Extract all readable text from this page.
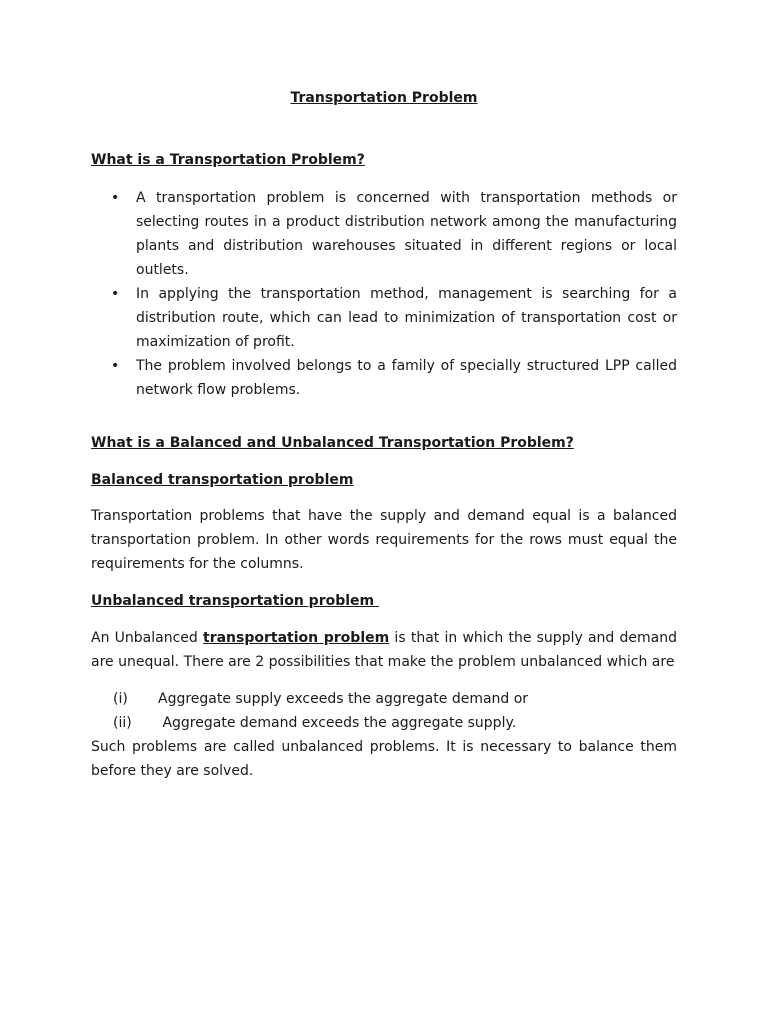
Transportation Problem
What is a Transportation Problem?
• A transportation problem is concerned with transportation methods or selecting routes in a product distribution network among the manufacturing plants and distribution warehouses situated in different regions or local outlets.
• In applying the transportation method, management is searching for a distribution route, which can lead to minimization of transportation cost or maximization of profit.
• The problem involved belongs to a family of specially structured LPP called network flow problems.
What is a Balanced and Unbalanced Transportation Problem?
Balanced transportation problem
Transportation problems that have the supply and demand equal is a balanced transportation problem. In other words requirements for the rows must equal the requirements for the columns.
Unbalanced transportation problem
An Unbalanced transportation problem is that in which the supply and demand are unequal. There are 2 possibilities that make the problem unbalanced which are
(i) Aggregate supply exceeds the aggregate demand or
(ii) Aggregate demand exceeds the aggregate supply.
Such problems are called unbalanced problems. It is necessary to balance them before they are solved.
